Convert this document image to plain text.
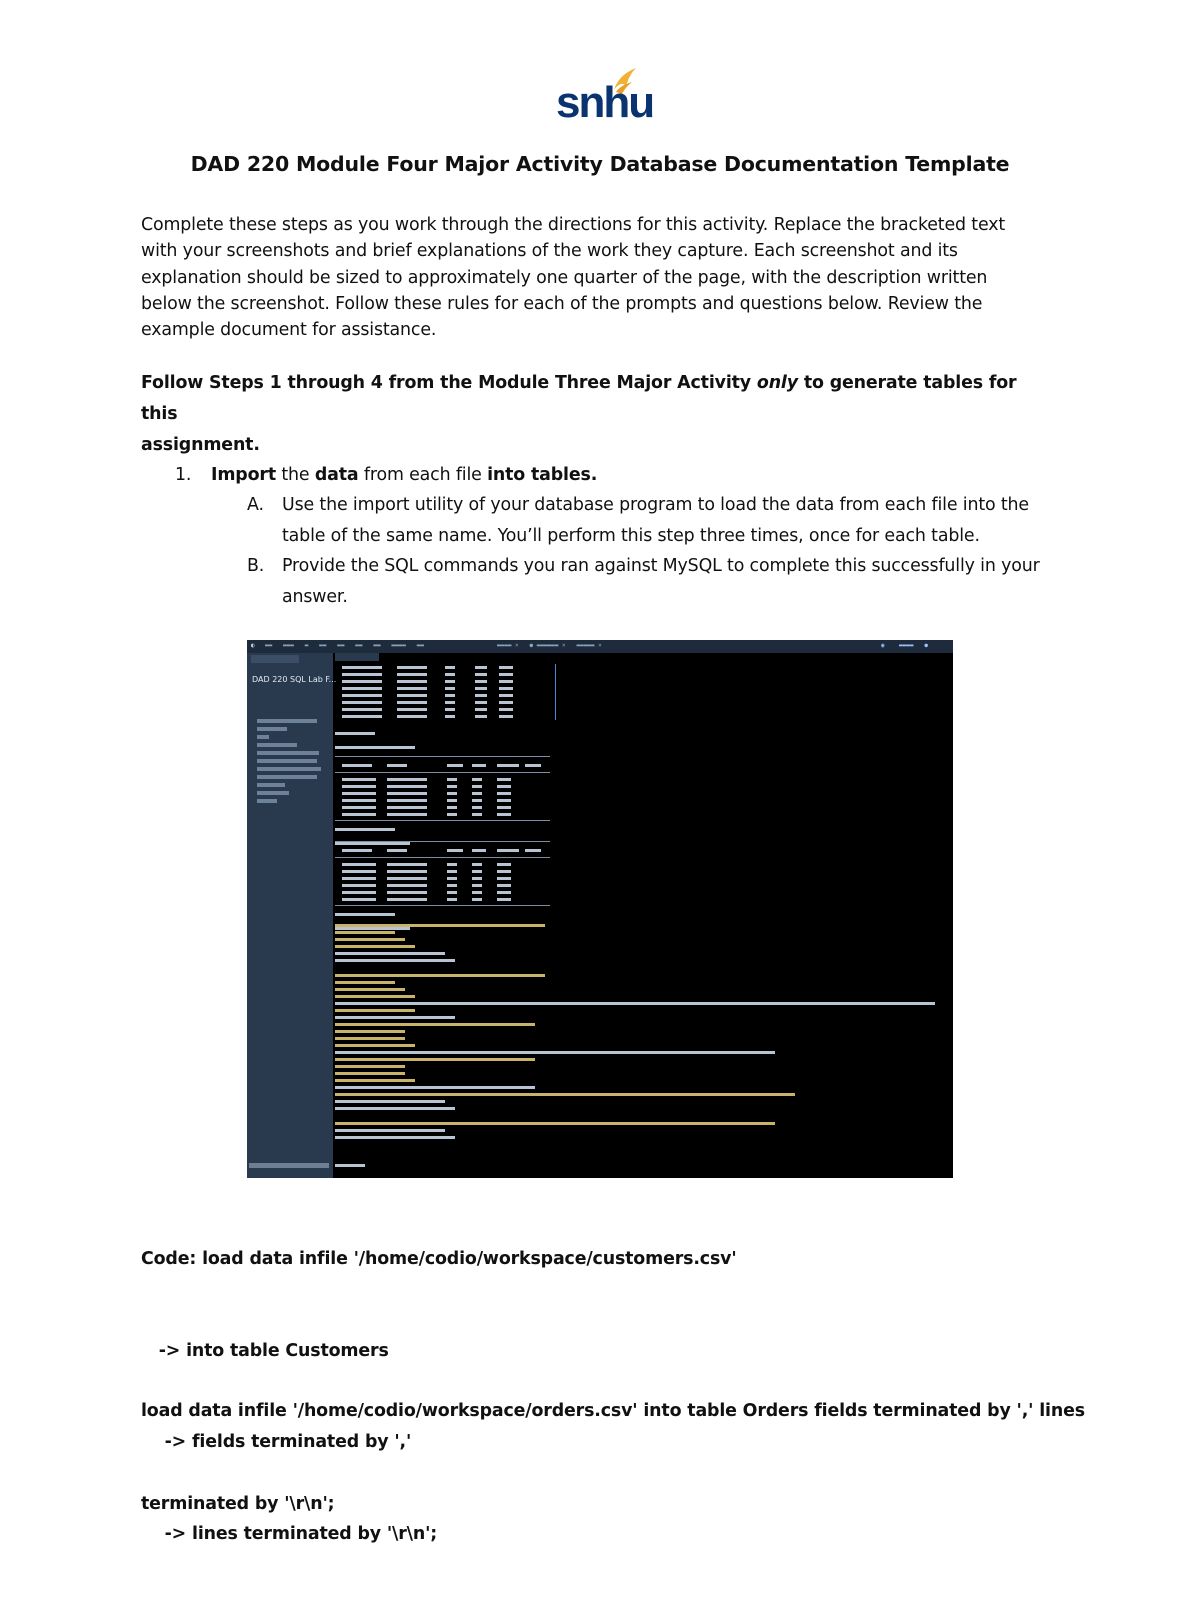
snhu
DAD 220 Module Four Major Activity Database Documentation Template
Complete these steps as you work through the directions for this activity. Replace the bracketed text
with your screenshots and brief explanations of the work they capture. Each screenshot and its
explanation should be sized to approximately one quarter of the page, with the description written
below the screenshot. Follow these rules for each of the prompts and questions below. Review the
example document for assistance.
Follow Steps 1 through 4 from the Module Three Major Activity only to generate tables for this
assignment.
1. Import the data from each file into tables.
A. Use the import utility of your database program to load the data from each file into the
table of the same name. You’ll perform this step three times, once for each table.
B. Provide the SQL commands you ran against MySQL to complete this successfully in your
answer.
◐ ▬▬   ▬▬▬   ▬   ▬▬   ▬▬   ▬▬   ▬▬   ▬▬▬▬   ▬▬	▬▬▬▬ ×   ● ▬▬▬▬▬▬ ×   ▬▬▬▬▬ ×	◉    ▬▬▬▬   ●
DAD 220 SQL Lab F...

Code: load data infile '/home/codio/workspace/customers.csv'

-> into table Customers

-> fields terminated by ','

-> lines terminated by '\r\n';

load data infile '/home/codio/workspace/orders.csv' into table Orders fields terminated by ',' lines

terminated by '\r\n';
